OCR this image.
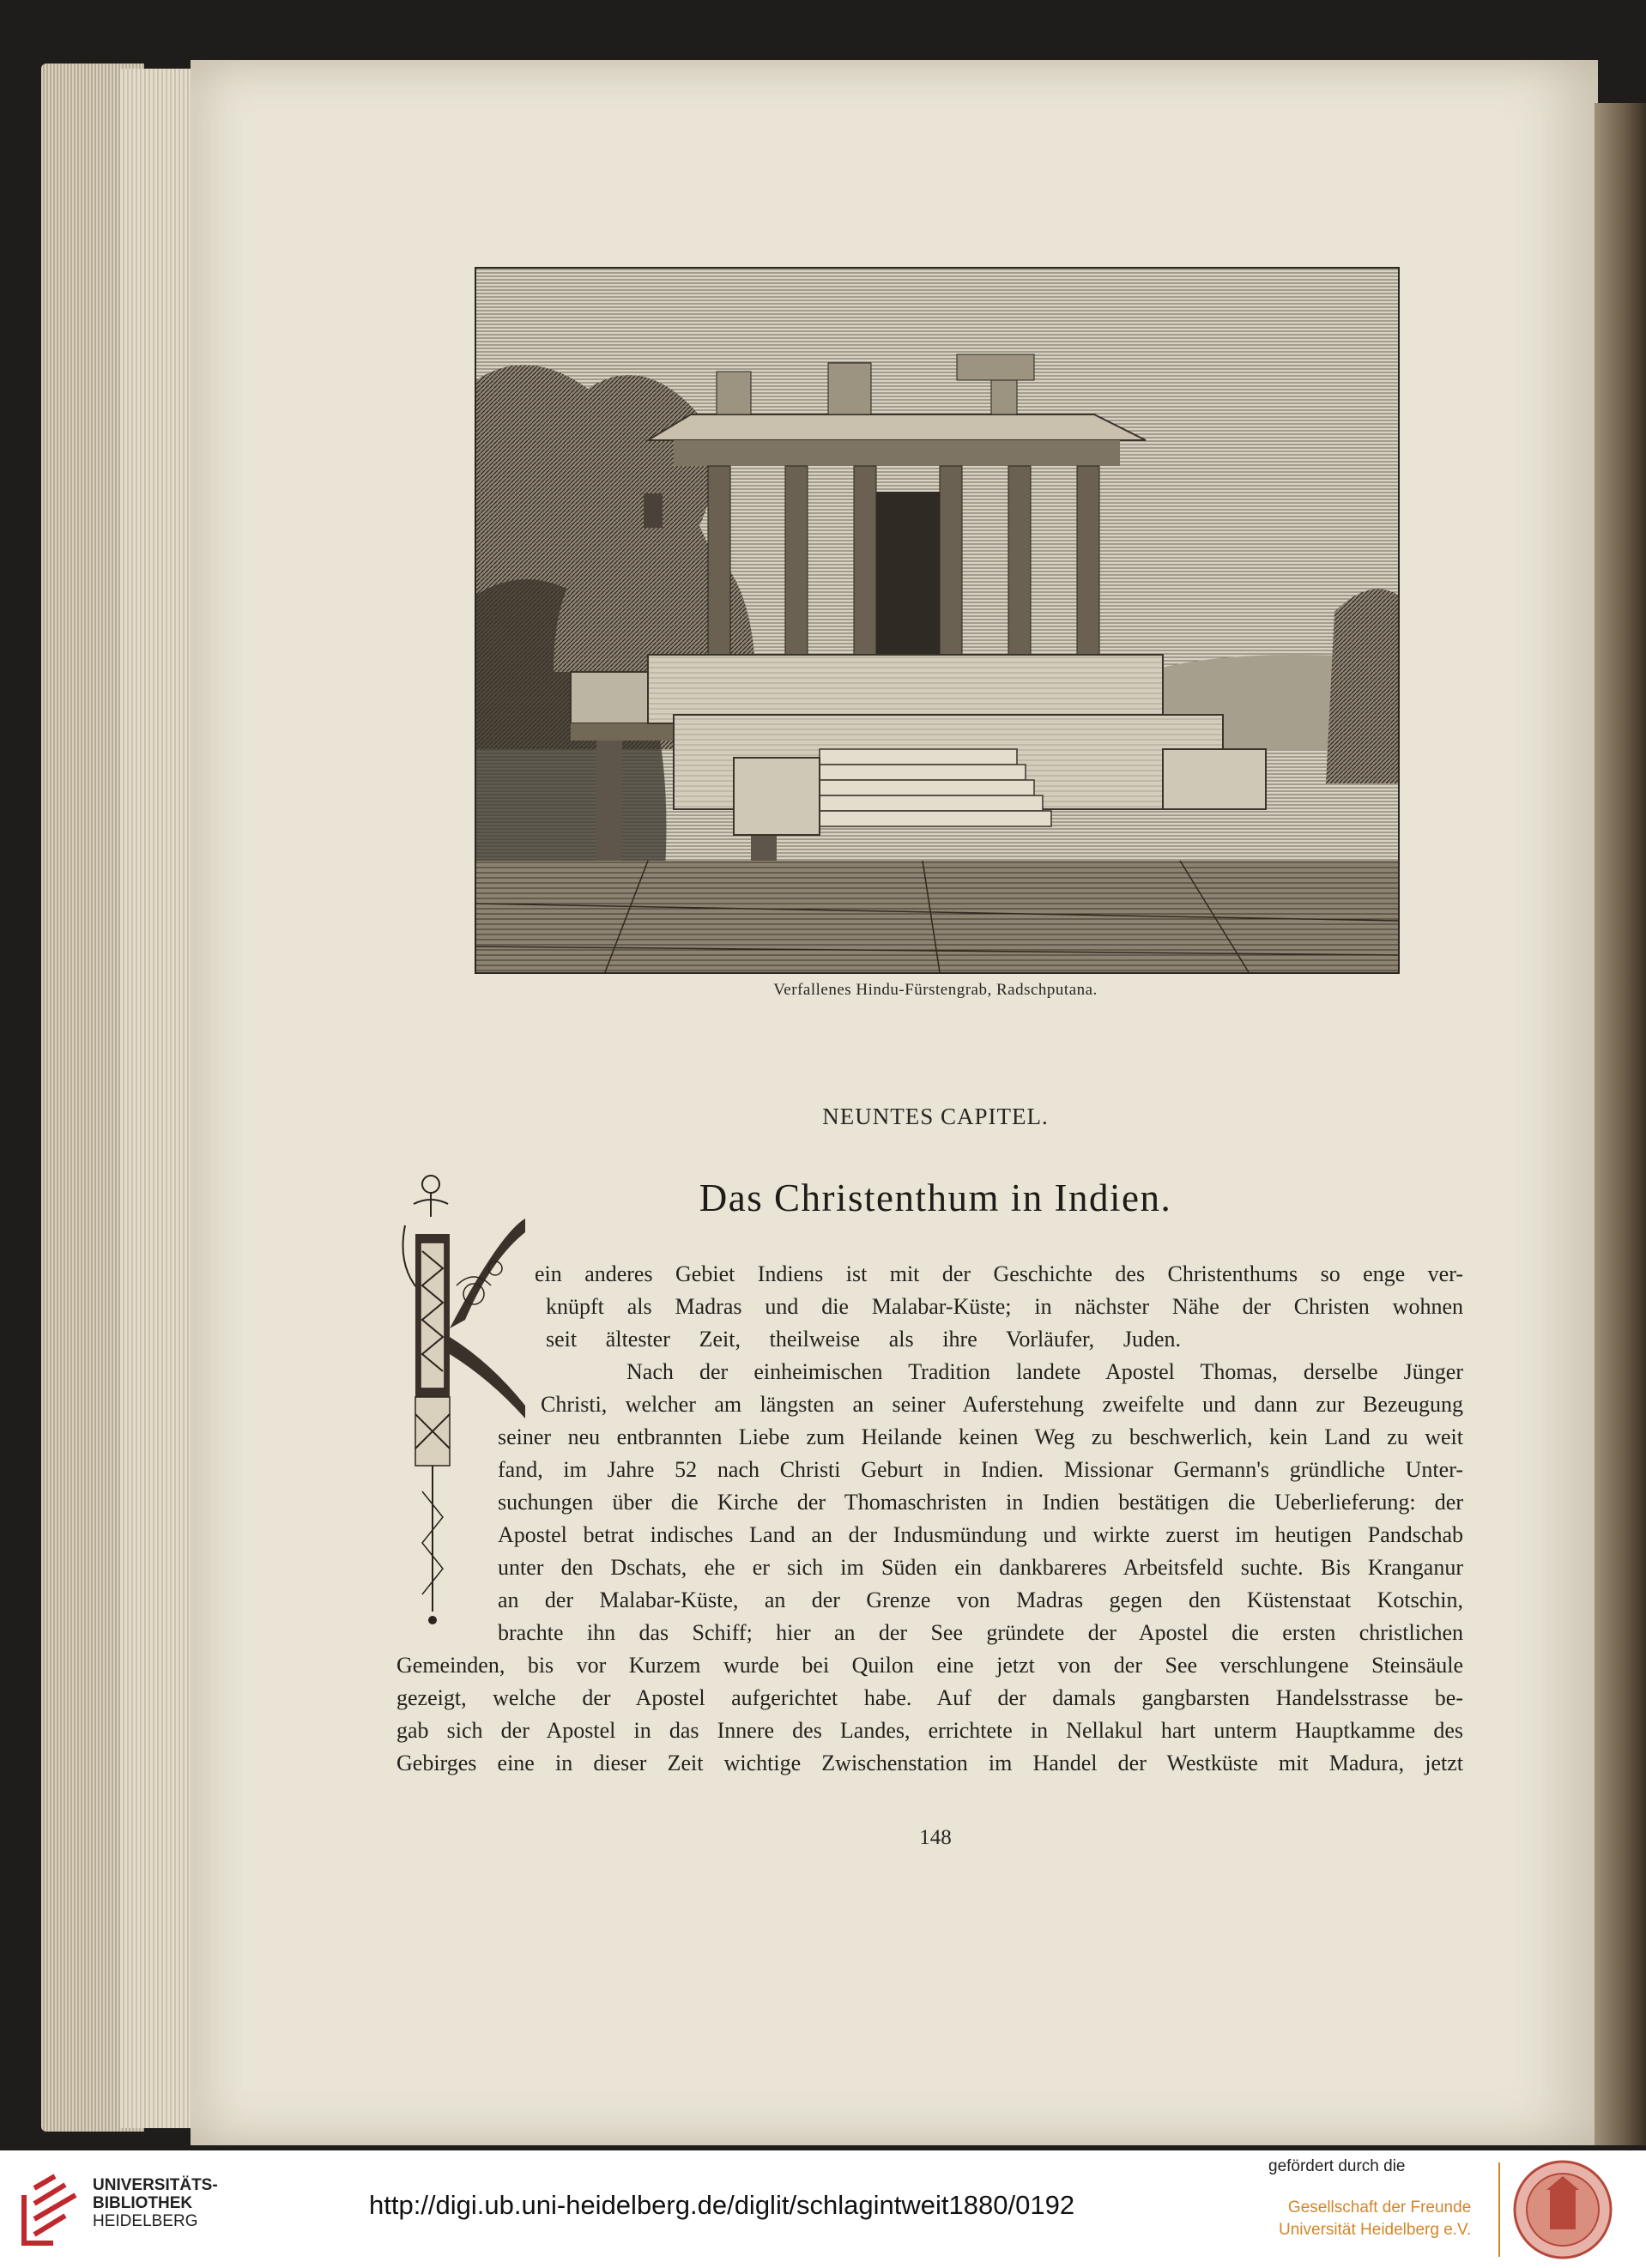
Verfallenes Hindu-Fürstengrab, Radschputana.
NEUNTES CAPITEL.
Das Christenthum in Indien.
ein anderes Gebiet Indiens ist mit der Geschichte des Christenthums so enge ver-
knüpft als Madras und die Malabar-Küste; in nächster Nähe der Christen wohnen
seit ältester Zeit, theilweise als ihre Vorläufer, Juden.
Nach der einheimischen Tradition landete Apostel Thomas, derselbe Jünger
Christi, welcher am längsten an seiner Auferstehung zweifelte und dann zur Bezeugung
seiner neu entbrannten Liebe zum Heilande keinen Weg zu beschwerlich, kein Land zu weit
fand, im Jahre 52 nach Christi Geburt in Indien. Missionar Germann's gründliche Unter-
suchungen über die Kirche der Thomaschristen in Indien bestätigen die Ueberlieferung: der
Apostel betrat indisches Land an der Indusmündung und wirkte zuerst im heutigen Pandschab
unter den Dschats, ehe er sich im Süden ein dankbareres Arbeitsfeld suchte. Bis Kranganur
an der Malabar-Küste, an der Grenze von Madras gegen den Küstenstaat Kotschin,
brachte ihn das Schiff; hier an der See gründete der Apostel die ersten christlichen
Gemeinden, bis vor Kurzem wurde bei Quilon eine jetzt von der See verschlungene Steinsäule
gezeigt, welche der Apostel aufgerichtet habe. Auf der damals gangbarsten Handelsstrasse be-
gab sich der Apostel in das Innere des Landes, errichtete in Nellakul hart unterm Hauptkamme des
Gebirges eine in dieser Zeit wichtige Zwischenstation im Handel der Westküste mit Madura, jetzt
148
UNIVERSITÄTS-
BIBLIOTHEK
HEIDELBERG
http://digi.ub.uni-heidelberg.de/diglit/schlagintweit1880/0192
gefördert durch die
Gesellschaft der Freunde
Universität Heidelberg e.V.
